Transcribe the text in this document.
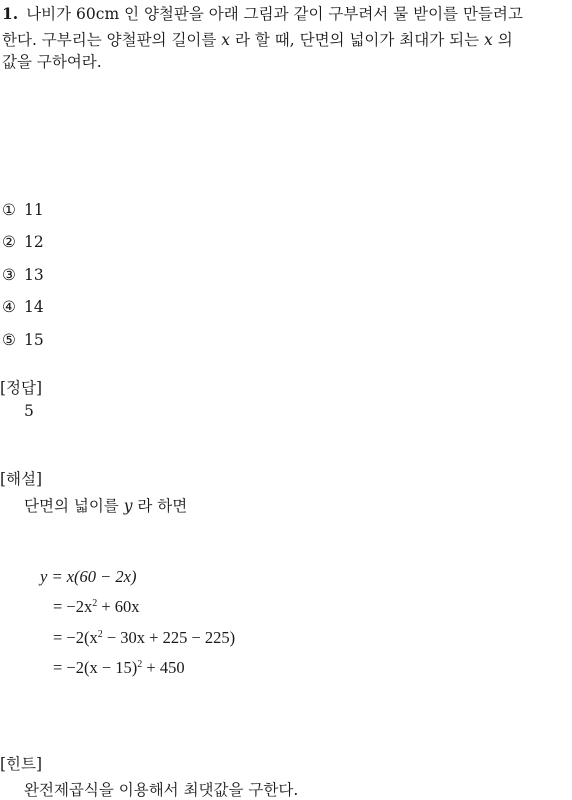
1. 나비가 60cm 인 양철판을 아래 그림과 같이 구부려서 물 받이를 만들려고
한다. 구부리는 양철판의 길이를 x 라 할 때, 단면의 넓이가 최대가 되는 x 의
값을 구하여라.
① 11
② 12
③ 13
④ 14
⑤ 15
[정답]
5
[해설]
단면의 넓이를 y 라 하면
y = x(60 − 2x)
= $-2x^2 + 60x$
= $-2(x^2 - 30x + 225 - 225)$
= $-2(x - 15)^2 + 450$
[힌트]
완전제곱식을 이용해서 최댓값을 구한다.
